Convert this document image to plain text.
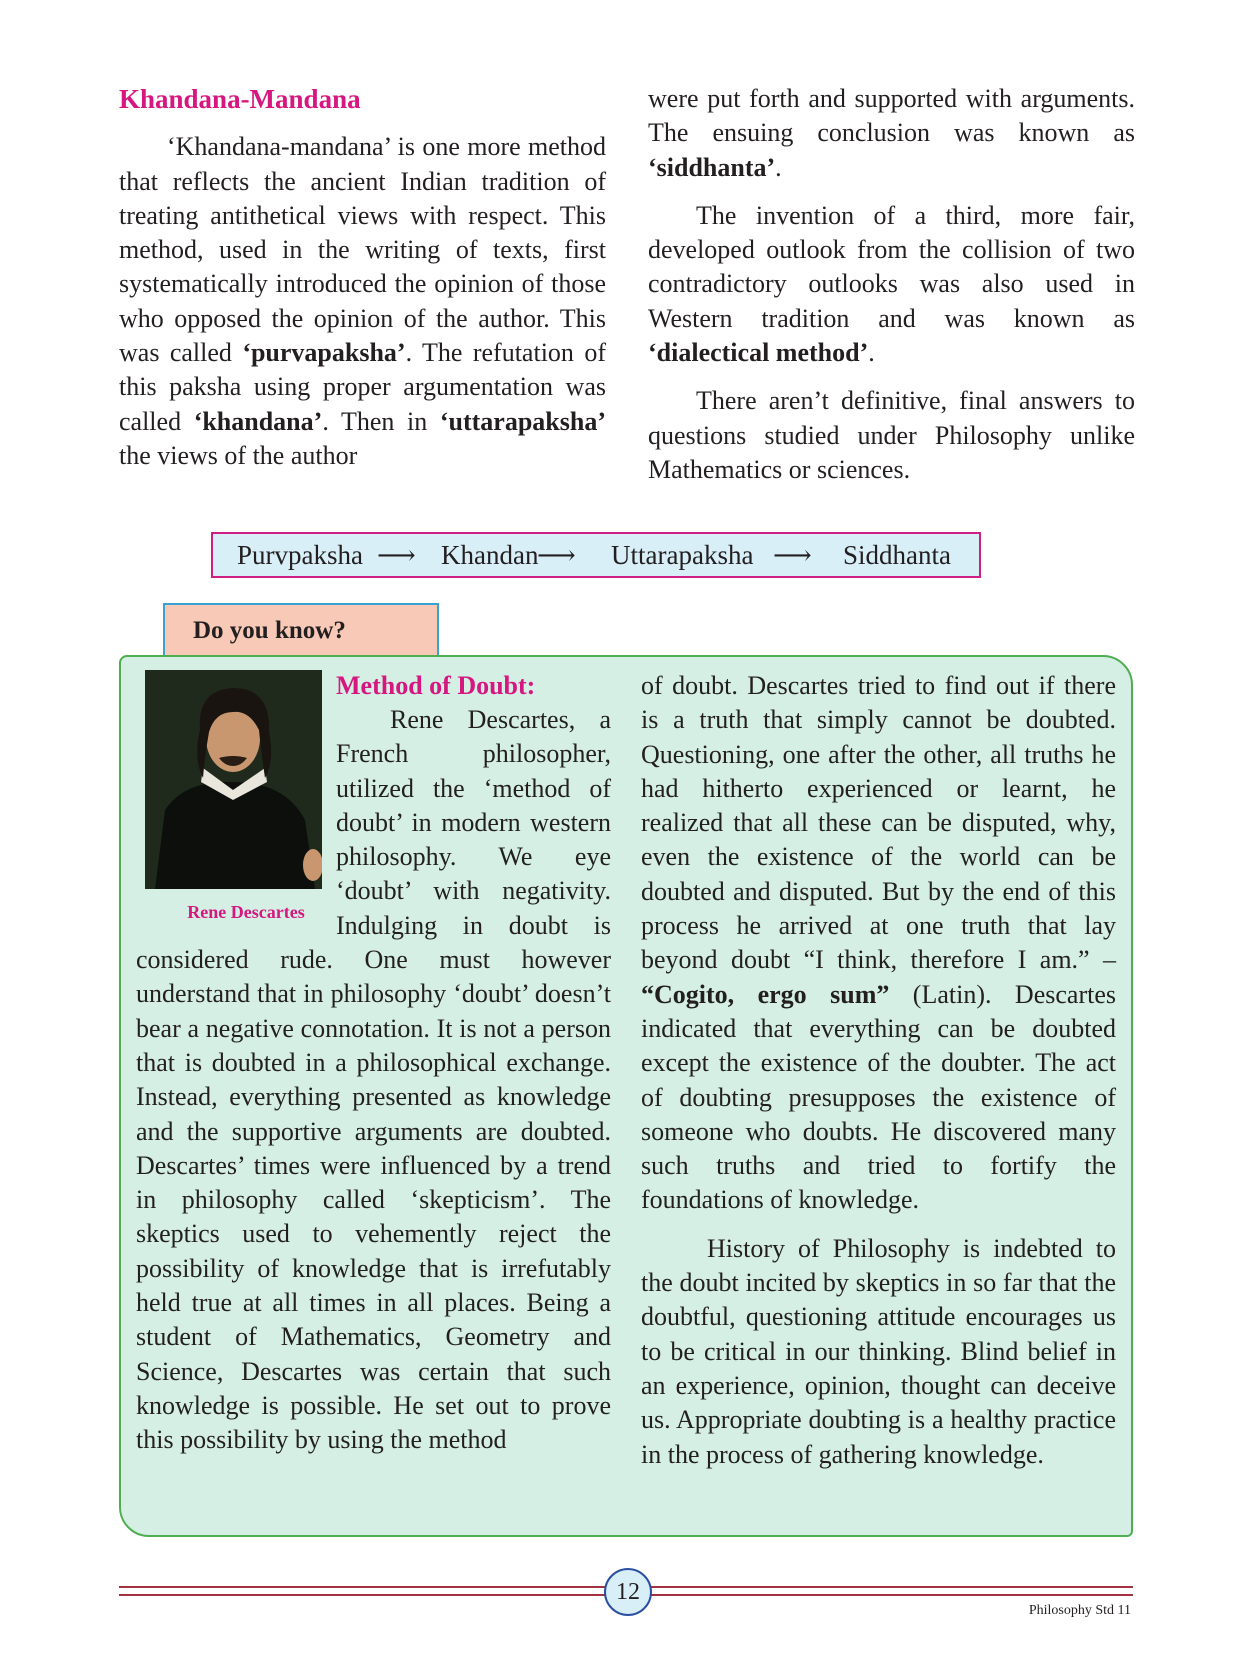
Khandana-Mandana

‘Khandana-mandana’ is one more method that reflects the ancient Indian tradition of treating antithetical views with respect. This method, used in the writing of texts, first systematically introduced the opinion of those who opposed the opinion of the author. This was called ‘purvapaksha’. The refutation of this paksha using proper argumentation was called ‘khandana’. Then in ‘uttarapaksha’ the views of the author

were put forth and supported with arguments. The ensuing conclusion was known as ‘siddhanta’.

The invention of a third, more fair, developed outlook from the collision of two contradictory outlooks was also used in Western tradition and was known as ‘dialectical method’.

There aren’t definitive, final answers to questions studied under Philosophy unlike Mathematics or sciences.

Purvpaksha ⟶ Khandan
⟶ Uttarapaksha ⟶ Siddhanta
Do you know?
Rene Descartes

Method of Doubt:

Rene Descartes, a French philosopher, utilized the ‘method of doubt’ in modern western philosophy. We eye ‘doubt’ with negativity. Indulging in doubt is considered rude. One must however understand that in philosophy ‘doubt’ doesn’t bear a negative connotation. It is not a person that is doubted in a philosophical exchange. Instead, everything presented as knowledge and the supportive arguments are doubted. Descartes’ times were influenced by a trend in philosophy called ‘skepticism’. The skeptics used to vehemently reject the possibility of knowledge that is irrefutably held true at all times in all places. Being a student of Mathematics, Geometry and Science, Descartes was certain that such knowledge is possible. He set out to prove this possibility by using the method

of doubt. Descartes tried to find out if there is a truth that simply cannot be doubted. Questioning, one after the other, all truths he had hitherto experienced or learnt, he realized that all these can be disputed, why, even the existence of the world can be doubted and disputed. But by the end of this process he arrived at one truth that lay beyond doubt “I think, therefore I am.” – “Cogito, ergo sum” (Latin). Descartes indicated that everything can be doubted except the existence of the doubter. The act of doubting presupposes the existence of someone who doubts. He discovered many such truths and tried to fortify the foundations of knowledge.

History of Philosophy is indebted to the doubt incited by skeptics in so far that the doubtful, questioning attitude encourages us to be critical in our thinking. Blind belief in an experience, opinion, thought can deceive us. Appropriate doubting is a healthy practice in the process of gathering knowledge.

12
Philosophy Std 11
